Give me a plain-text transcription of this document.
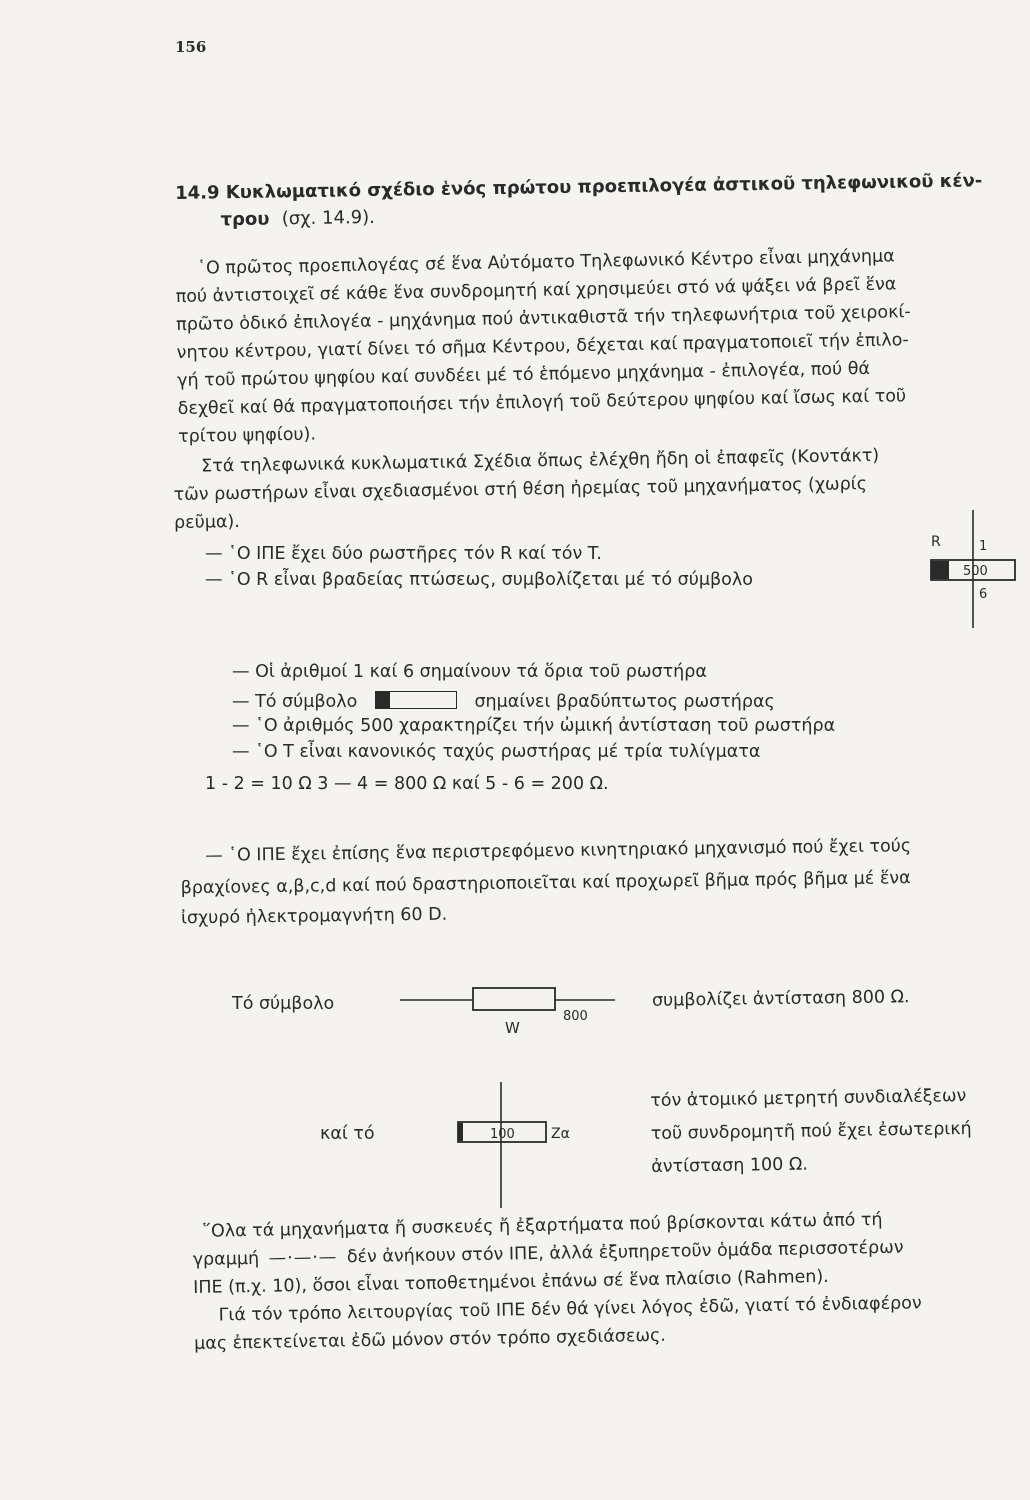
156
14.9 Κυκλωματικό σχέδιο ἑνός πρώτου προεπιλογέα ἀστικοῦ τηλεφωνικοῦ κέν-
τρου (σχ. 14.9).
῾Ο πρῶτος προεπιλογέας σέ ἕνα Αὐτόματο Τηλεφωνικό Κέντρο εἶναι μηχάνημα
πού ἀντιστοιχεῖ σέ κάθε ἕνα συνδρομητή καί χρησιμεύει στό νά ψάξει νά βρεῖ ἕνα
πρῶτο ὁδικό ἐπιλογέα - μηχάνημα πού ἀντικαθιστᾶ τήν τηλεφωνήτρια τοῦ χειροκί-
νητου κέντρου, γιατί δίνει τό σῆμα Κέντρου, δέχεται καί πραγματοποιεῖ τήν ἐπιλο-
γή τοῦ πρώτου ψηφίου καί συνδέει μέ τό ἑπόμενο μηχάνημα - ἐπιλογέα, πού θά
δεχθεῖ καί θά πραγματοποιήσει τήν ἐπιλογή τοῦ δεύτερου ψηφίου καί ἴσως καί τοῦ
τρίτου ψηφίου).
Στά τηλεφωνικά κυκλωματικά Σχέδια ὅπως ἐλέχθη ἤδη οἱ ἐπαφεῖς (Κοντάκτ)
τῶν ρωστήρων εἶναι σχεδιασμένοι στή θέση ἠρεμίας τοῦ μηχανήματος (χωρίς
ρεῦμα).
— ῾Ο ΙΠΕ ἔχει δύο ρωστῆρες τόν R καί τόν T.
— ῾Ο R εἶναι βραδείας πτώσεως, συμβολίζεται μέ τό σύμβολο
R	1
500
6
— Οἱ ἀριθμοί 1 καί 6 σημαίνουν τά ὅρια τοῦ ρωστήρα
— Τό σύμβολο	σημαίνει βραδύπτωτος ρωστήρας
— ῾Ο ἀριθμός 500 χαρακτηρίζει τήν ὠμική ἀντίσταση τοῦ ρωστήρα
— ῾Ο T εἶναι κανονικός ταχύς ρωστήρας μέ τρία τυλίγματα
1 - 2 = 10 Ω 3 — 4 = 800 Ω καί 5 - 6 = 200 Ω.
— ῾Ο ΙΠΕ ἔχει ἐπίσης ἕνα περιστρεφόμενο κινητηριακό μηχανισμό πού ἔχει τούς
βραχίονες α,β,c,d καί πού δραστηριοποιεῖται καί προχωρεῖ βῆμα πρός βῆμα μέ ἕνα
ἰσχυρό ἠλεκτρομαγνήτη 60 D.
Τό σύμβολο
W
800
συμβολίζει ἀντίσταση 800 Ω.
καί τό	100	Ζα
τόν ἀτομικό μετρητή συνδιαλέξεων
τοῦ συνδρομητῆ πού ἔχει ἐσωτερική
ἀντίσταση 100 Ω.
῞Ολα τά μηχανήματα ἤ συσκευές ἤ ἐξαρτήματα πού βρίσκονται κάτω ἀπό τή
γραμμή —·—·— δέν ἀνήκουν στόν ΙΠΕ, ἀλλά ἐξυπηρετοῦν ὁμάδα περισσοτέρων
ΙΠΕ (π.χ. 10), ὅσοι εἶναι τοποθετημένοι ἐπάνω σέ ἕνα πλαίσιο (Rahmen).
Γιά τόν τρόπο λειτουργίας τοῦ ΙΠΕ δέν θά γίνει λόγος ἐδῶ, γιατί τό ἐνδιαφέρον
μας ἐπεκτείνεται ἐδῶ μόνον στόν τρόπο σχεδιάσεως.
